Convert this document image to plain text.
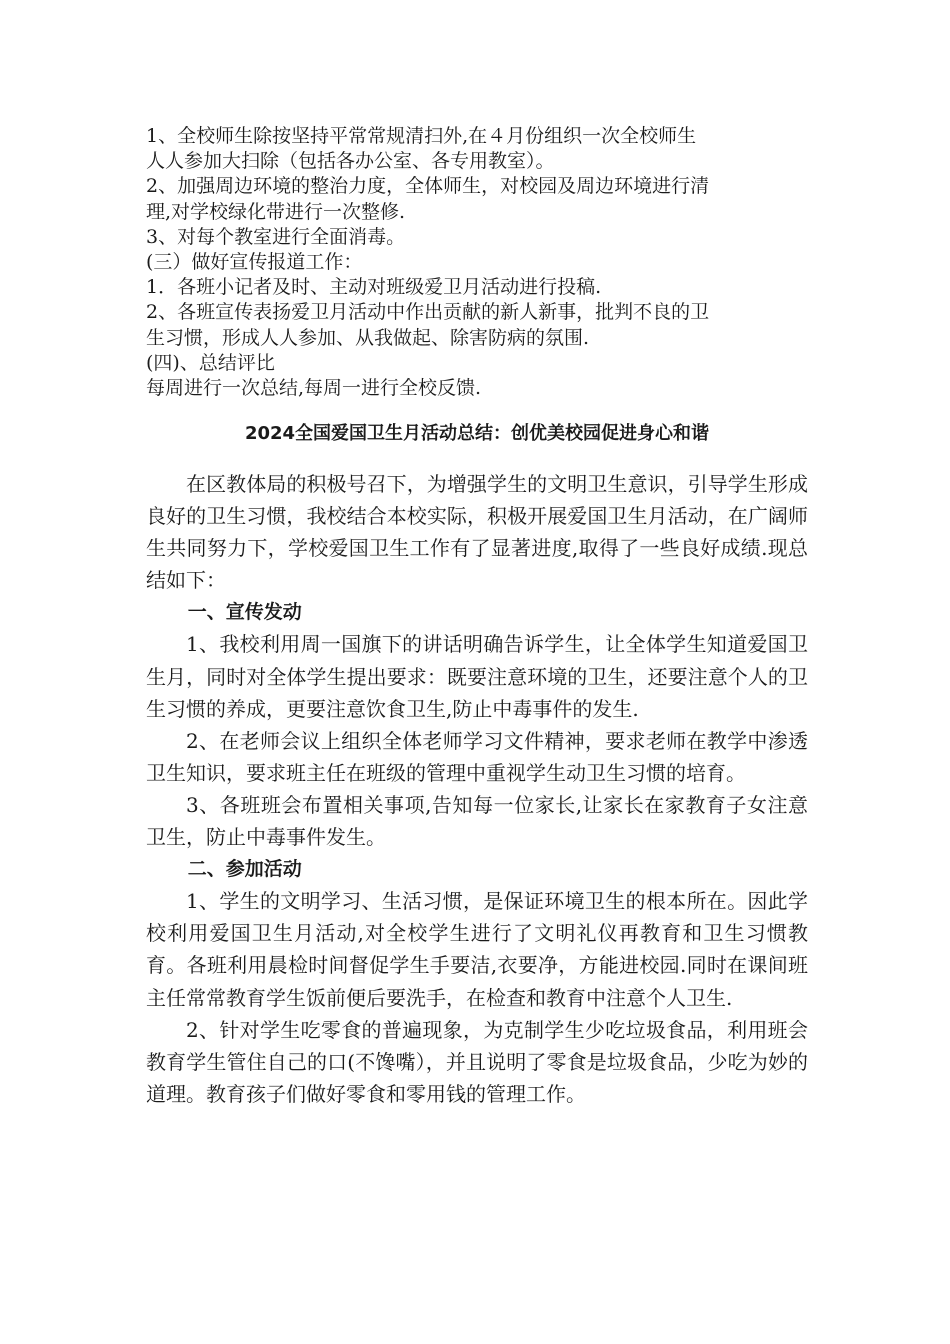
1、全校师生除按坚持平常常规清扫外,在４月份组织一次全校师生

人人参加大扫除（包括各办公室、各专用教室）。

2、加强周边环境的整治力度，全体师生，对校园及周边环境进行清

理,对学校绿化带进行一次整修.

3、对每个教室进行全面消毒。

(三）做好宣传报道工作：

1．各班小记者及时、主动对班级爱卫月活动进行投稿.

2、各班宣传表扬爱卫月活动中作出贡献的新人新事，批判不良的卫

生习惯，形成人人参加、从我做起、除害防病的氛围.

(四)、总结评比

每周进行一次总结,每周一进行全校反馈.

2024全国爱国卫生月活动总结：创优美校园促进身心和谐

在区教体局的积极号召下，为增强学生的文明卫生意识，引导学生形成良好的卫生习惯，我校结合本校实际，积极开展爱国卫生月活动，在广阔师生共同努力下，学校爱国卫生工作有了显著进度,取得了一些良好成绩.现总结如下：

一、宣传发动

1、我校利用周一国旗下的讲话明确告诉学生，让全体学生知道爱国卫生月，同时对全体学生提出要求：既要注意环境的卫生，还要注意个人的卫生习惯的养成，更要注意饮食卫生,防止中毒事件的发生.

2、在老师会议上组织全体老师学习文件精神，要求老师在教学中渗透卫生知识，要求班主任在班级的管理中重视学生动卫生习惯的培育。

3、各班班会布置相关事项,告知每一位家长,让家长在家教育子女注意卫生，防止中毒事件发生。

二、参加活动

1、学生的文明学习、生活习惯，是保证环境卫生的根本所在。因此学校利用爱国卫生月活动,对全校学生进行了文明礼仪再教育和卫生习惯教育。各班利用晨检时间督促学生手要洁,衣要净，方能进校园.同时在课间班主任常常教育学生饭前便后要洗手，在检查和教育中注意个人卫生.

2、针对学生吃零食的普遍现象，为克制学生少吃垃圾食品，利用班会教育学生管住自己的口(不馋嘴），并且说明了零食是垃圾食品，少吃为妙的道理。教育孩子们做好零食和零用钱的管理工作。
